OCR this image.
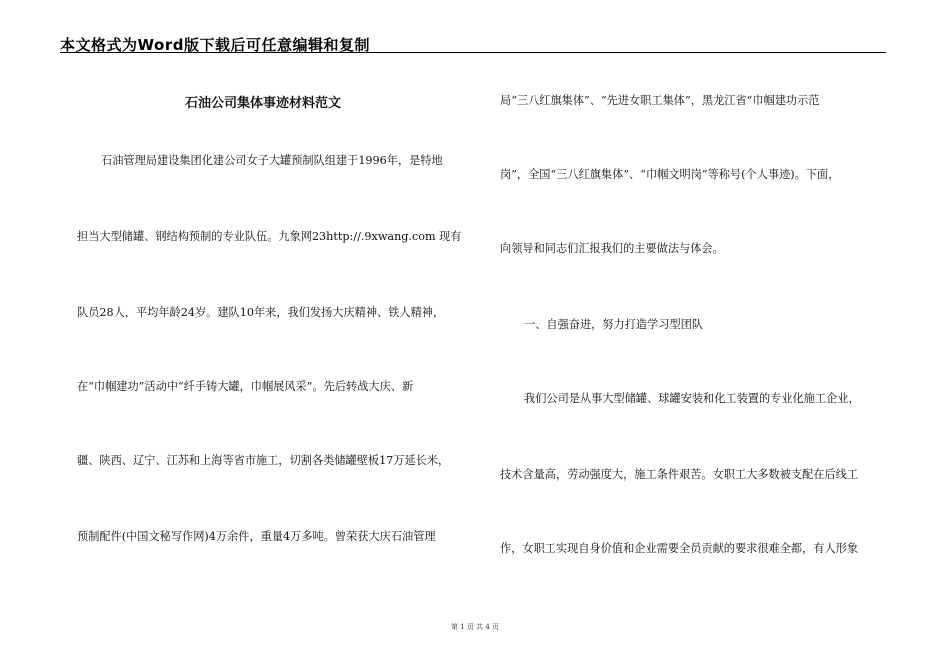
本文格式为Word版下载后可任意编辑和复制
石油公司集体事迹材料范文
石油管理局建设集团化建公司女子大罐预制队组建于1996年，是特地
担当大型储罐、钢结构预制的专业队伍。九象网23http://.9xwang.com 现有
队员28人，平均年龄24岁。建队10年来，我们发扬大庆精神、铁人精神，
在“巾帼建功”活动中“纤手铸大罐，巾帼展风采”。先后转战大庆、新
疆、陕西、辽宁、江苏和上海等省市施工，切割各类储罐壁板17万延长米，
预制配件(中国文秘写作网)4万余件，重量4万多吨。曾荣获大庆石油管理
局“三八红旗集体”、“先进女职工集体”，黑龙江省“巾帼建功示范
岗”，全国“三八红旗集体”、“巾帼文明岗”等称号(个人事迹)。下面，
向领导和同志们汇报我们的主要做法与体会。
一、自强奋进，努力打造学习型团队
我们公司是从事大型储罐、球罐安装和化工装置的专业化施工企业，
技术含量高，劳动强度大，施工条件艰苦。女职工大多数被支配在后线工
作，女职工实现自身价值和企业需要全员贡献的要求很难全都，有人形象
第 1 页 共 4 页
